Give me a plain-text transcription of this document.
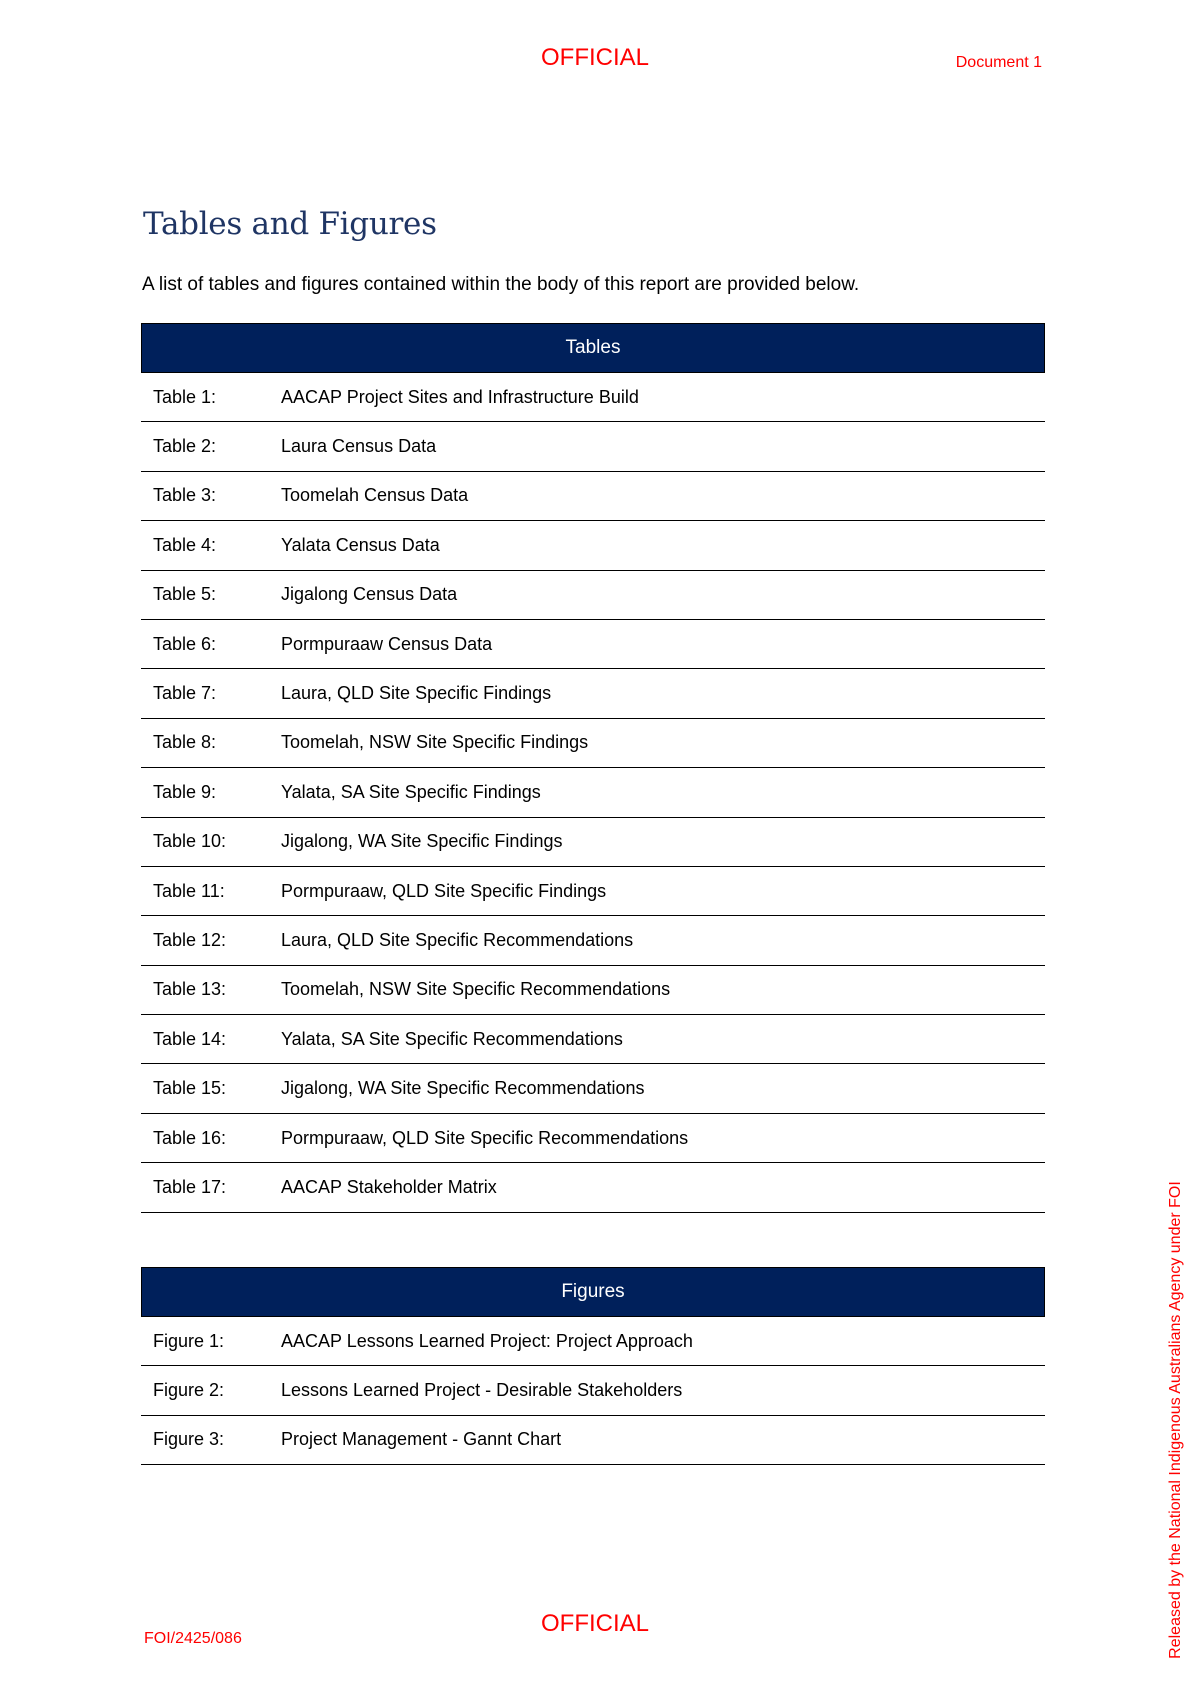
OFFICIAL	Document 1
Tables and Figures

A list of tables and figures contained within the body of this report are provided below.

Tables
Table 1:	AACAP Project Sites and Infrastructure Build
Table 2:	Laura Census Data
Table 3:	Toomelah Census Data
Table 4:	Yalata Census Data
Table 5:	Jigalong Census Data
Table 6:	Pormpuraaw Census Data
Table 7:	Laura, QLD Site Specific Findings
Table 8:	Toomelah, NSW Site Specific Findings
Table 9:	Yalata, SA Site Specific Findings
Table 10:	Jigalong, WA Site Specific Findings
Table 11:	Pormpuraaw, QLD Site Specific Findings
Table 12:	Laura, QLD Site Specific Recommendations
Table 13:	Toomelah, NSW Site Specific Recommendations
Table 14:	Yalata, SA Site Specific Recommendations
Table 15:	Jigalong, WA Site Specific Recommendations
Table 16:	Pormpuraaw, QLD Site Specific Recommendations
Table 17:	AACAP Stakeholder Matrix
Figures
Figure 1:	AACAP Lessons Learned Project: Project Approach
Figure 2:	Lessons Learned Project - Desirable Stakeholders
Figure 3:	Project Management - Gannt Chart
OFFICIAL
FOI/2425/086	Released by the National Indigenous Australians Agency under FOI
